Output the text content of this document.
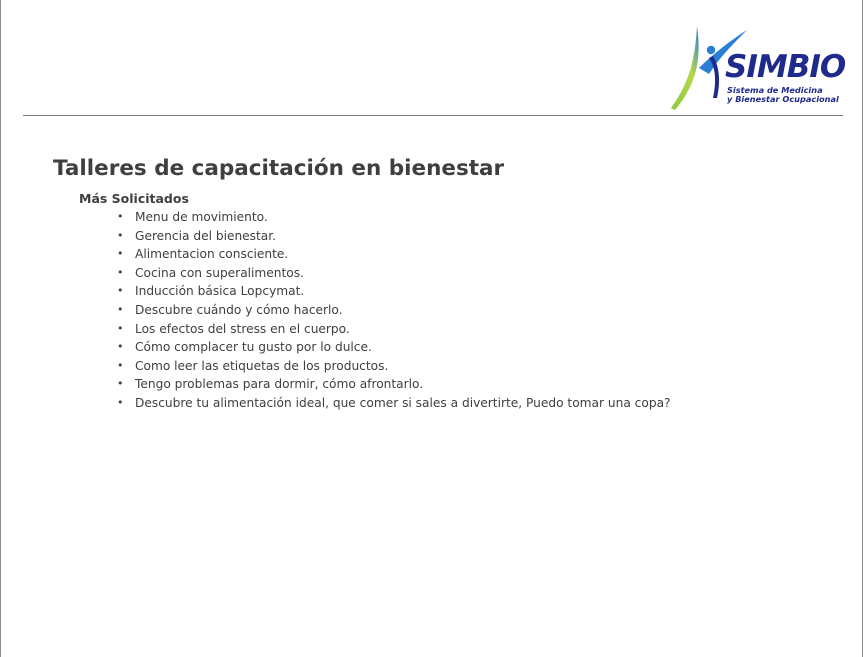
SIMBIO
Sistema de Medicina
y Bienestar Ocupacional
Talleres de capacitación en bienestar
Más Solicitados
• Menu de movimiento.
• Gerencia del bienestar.
• Alimentacion consciente.
• Cocina con superalimentos.
• Inducción básica Lopcymat.
• Descubre cuándo y cómo hacerlo.
• Los efectos del stress en el cuerpo.
• Cómo complacer tu gusto por lo dulce.
• Como leer las etiquetas de los productos.
• Tengo problemas para dormir, cómo afrontarlo.
• Descubre tu alimentación ideal, que comer si sales a divertirte, Puedo tomar una copa?
